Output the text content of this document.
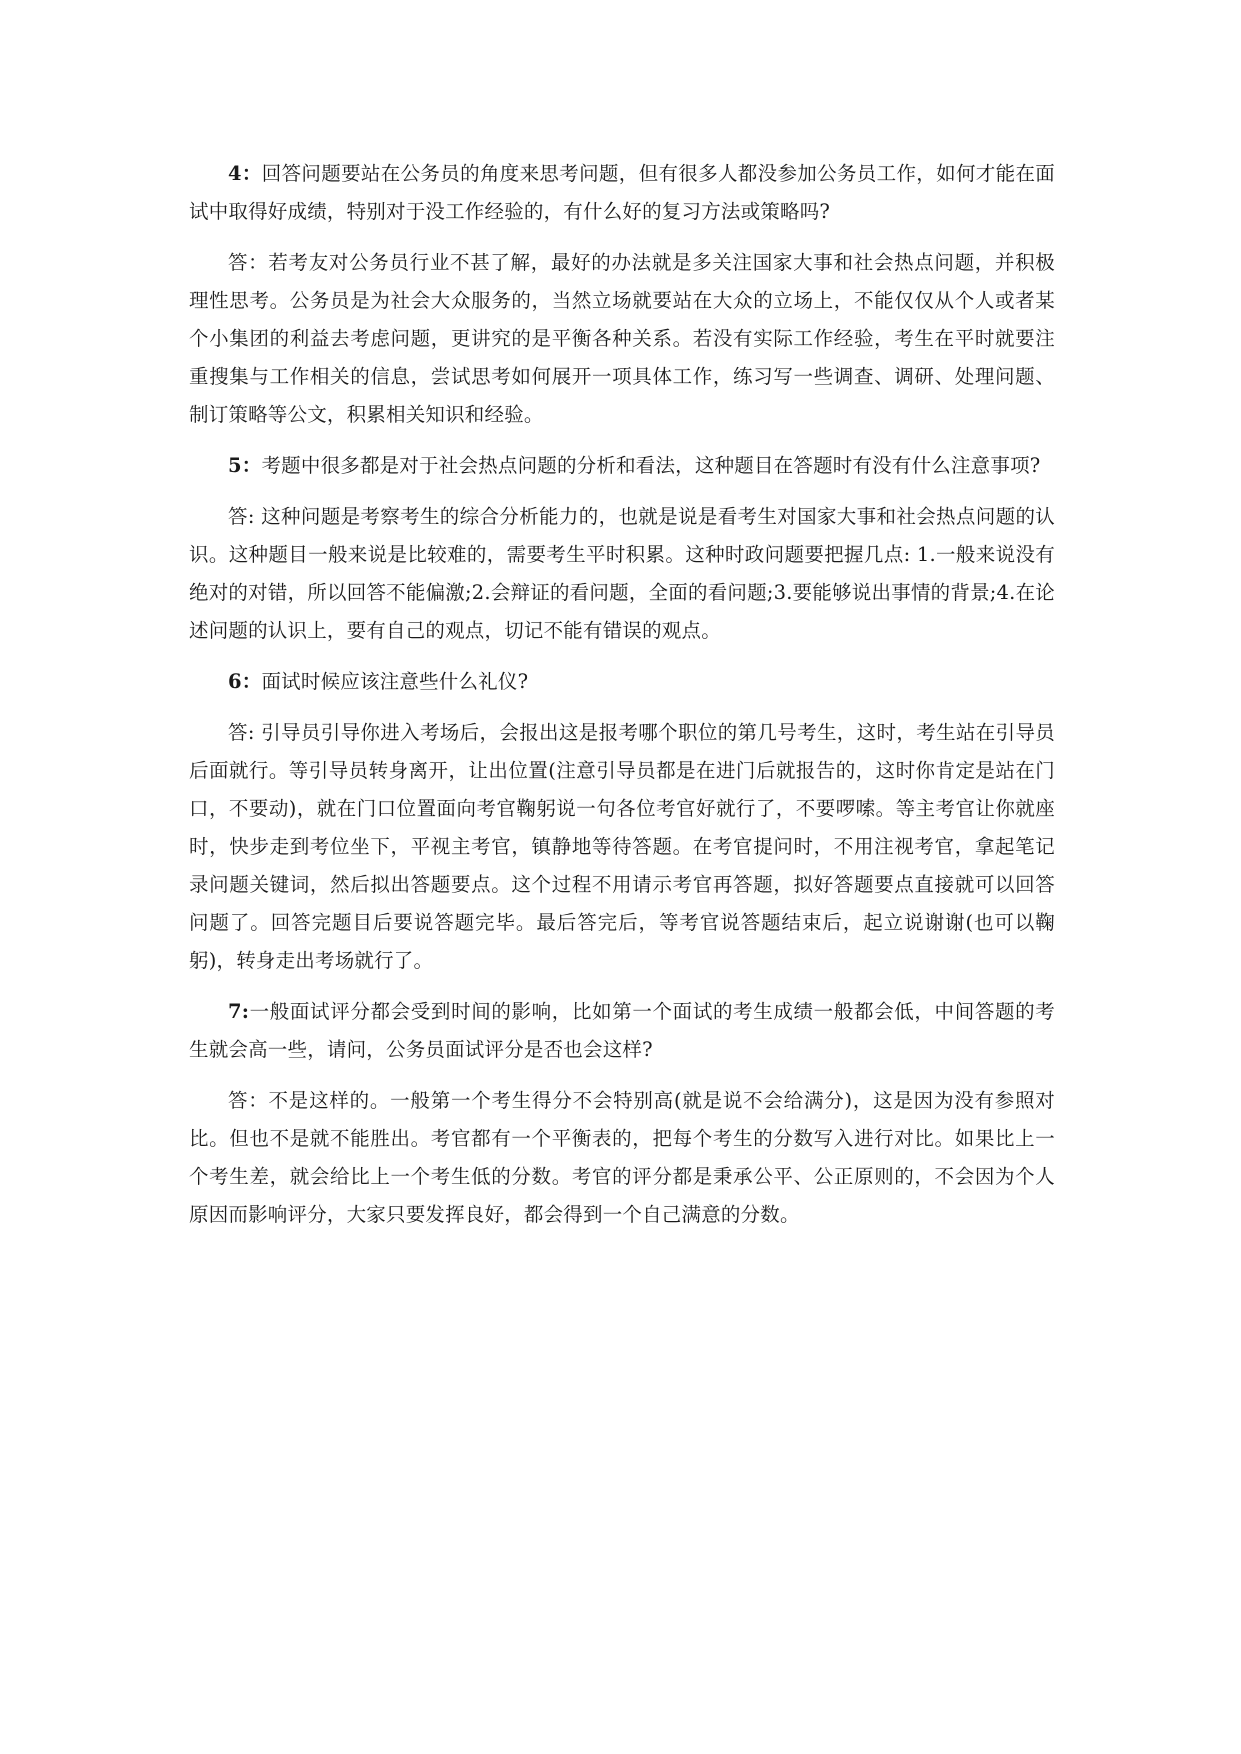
4：回答问题要站在公务员的角度来思考问题，但有很多人都没参加公务员工作，如何才能在面试中取得好成绩，特别对于没工作经验的，有什么好的复习方法或策略吗?

答：若考友对公务员行业不甚了解，最好的办法就是多关注国家大事和社会热点问题，并积极理性思考。公务员是为社会大众服务的，当然立场就要站在大众的立场上，不能仅仅从个人或者某个小集团的利益去考虑问题，更讲究的是平衡各种关系。若没有实际工作经验，考生在平时就要注重搜集与工作相关的信息，尝试思考如何展开一项具体工作，练习写一些调查、调研、处理问题、制订策略等公文，积累相关知识和经验。

5：考题中很多都是对于社会热点问题的分析和看法，这种题目在答题时有没有什么注意事项?

答: 这种问题是考察考生的综合分析能力的，也就是说是看考生对国家大事和社会热点问题的认识。这种题目一般来说是比较难的，需要考生平时积累。这种时政问题要把握几点: 1.一般来说没有绝对的对错，所以回答不能偏激;2.会辩证的看问题，全面的看问题;3.要能够说出事情的背景;4.在论述问题的认识上，要有自己的观点，切记不能有错误的观点。

6：面试时候应该注意些什么礼仪?

答: 引导员引导你进入考场后，会报出这是报考哪个职位的第几号考生，这时，考生站在引导员后面就行。等引导员转身离开，让出位置(注意引导员都是在进门后就报告的，这时你肯定是站在门口，不要动)，就在门口位置面向考官鞠躬说一句各位考官好就行了，不要啰嗦。等主考官让你就座时，快步走到考位坐下，平视主考官，镇静地等待答题。在考官提问时，不用注视考官，拿起笔记录问题关键词，然后拟出答题要点。这个过程不用请示考官再答题，拟好答题要点直接就可以回答问题了。回答完题目后要说答题完毕。最后答完后，等考官说答题结束后，起立说谢谢(也可以鞠躬)，转身走出考场就行了。

7:一般面试评分都会受到时间的影响，比如第一个面试的考生成绩一般都会低，中间答题的考生就会高一些，请问，公务员面试评分是否也会这样?

答：不是这样的。一般第一个考生得分不会特别高(就是说不会给满分)，这是因为没有参照对比。但也不是就不能胜出。考官都有一个平衡表的，把每个考生的分数写入进行对比。如果比上一个考生差，就会给比上一个考生低的分数。考官的评分都是秉承公平、公正原则的，不会因为个人原因而影响评分，大家只要发挥良好，都会得到一个自己满意的分数。
